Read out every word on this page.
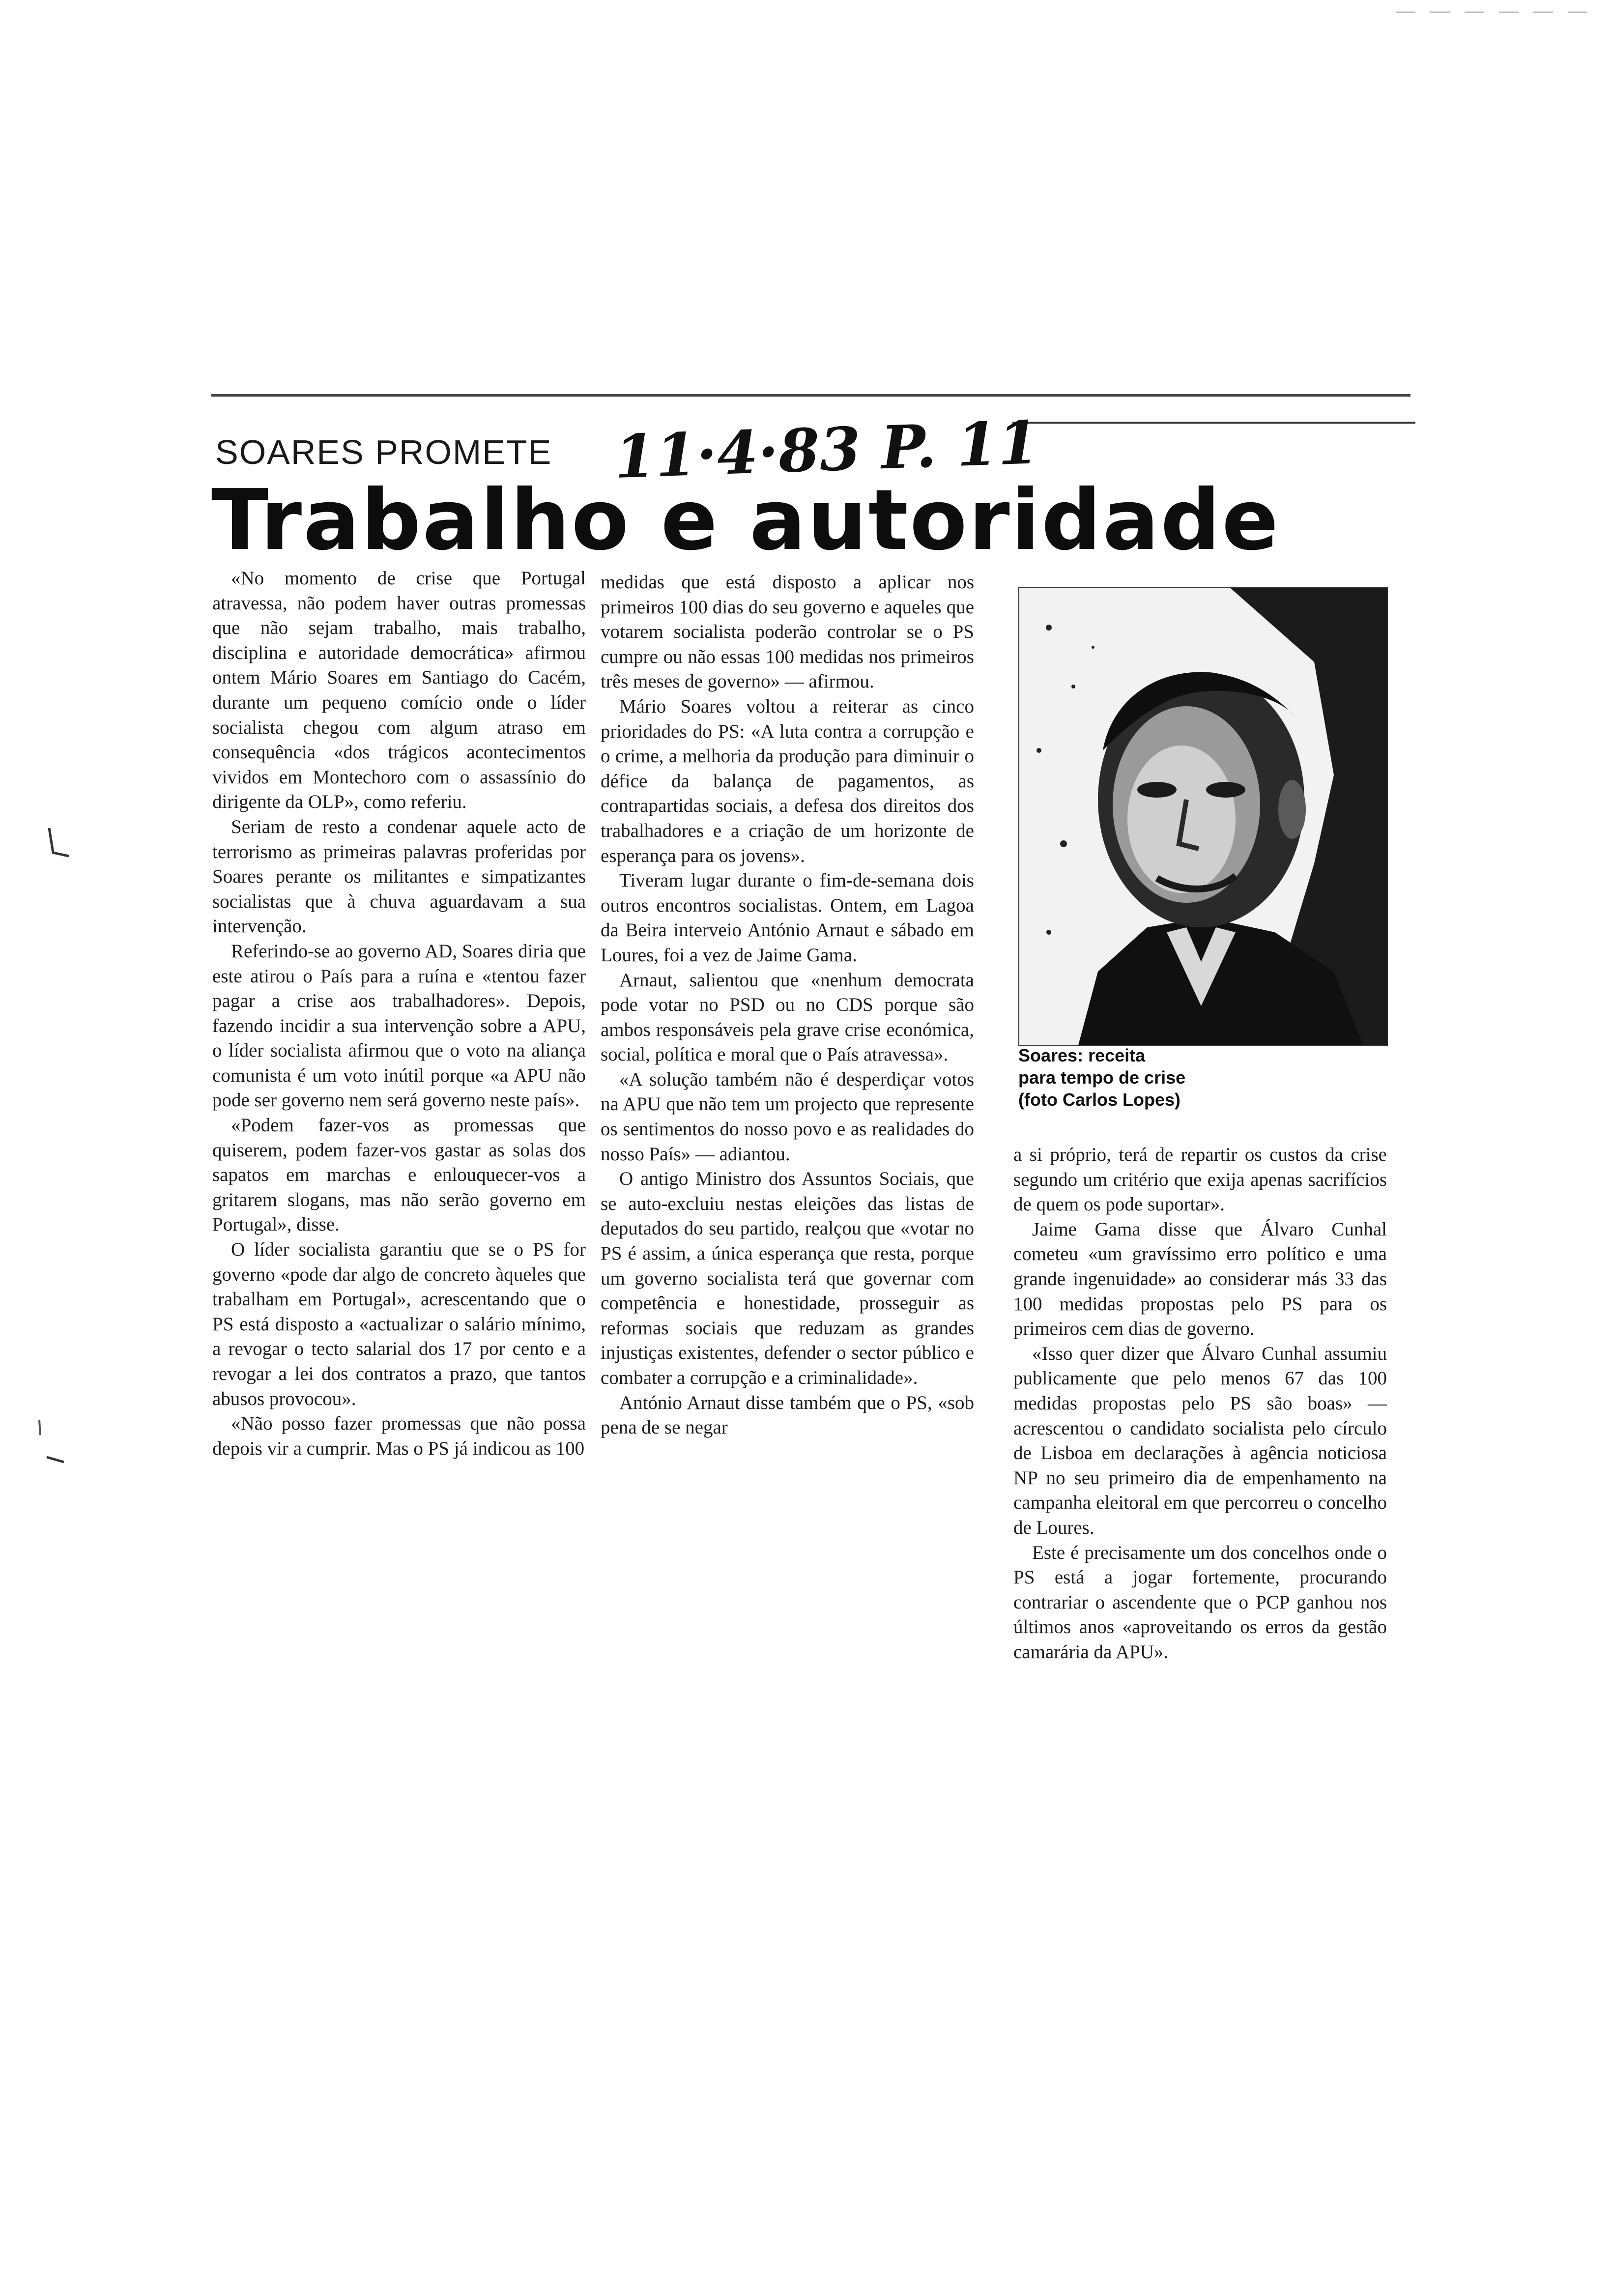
SOARES PROMETE 11·4·83 P. 11
Trabalho e autoridade

«No momento de crise que Portugal atravessa, não podem haver outras promessas que não sejam trabalho, mais trabalho, disciplina e autoridade democrática» afirmou ontem Mário Soares em Santiago do Cacém, durante um pequeno comício onde o líder socialista chegou com algum atraso em consequência «dos trágicos acontecimentos vividos em Montechoro com o assassínio do dirigente da OLP», como referiu.

Seriam de resto a condenar aquele acto de terrorismo as primeiras palavras proferidas por Soares perante os militantes e simpatizantes socialistas que à chuva aguardavam a sua intervenção.

Referindo-se ao governo AD, Soares diria que este atirou o País para a ruína e «tentou fazer pagar a crise aos trabalhadores». Depois, fazendo incidir a sua intervenção sobre a APU, o líder socialista afirmou que o voto na aliança comunista é um voto inútil porque «a APU não pode ser governo nem será governo neste país».

«Podem fazer-vos as promessas que quiserem, podem fazer-vos gastar as solas dos sapatos em marchas e enlouquecer-vos a gritarem slogans, mas não serão governo em Portugal», disse.

O líder socialista garantiu que se o PS for governo «pode dar algo de concreto àqueles que trabalham em Portugal», acrescentando que o PS está disposto a «actualizar o salário mínimo, a revogar o tecto salarial dos 17 por cento e a revogar a lei dos contratos a prazo, que tantos abusos provocou».

«Não posso fazer promessas que não possa depois vir a cumprir. Mas o PS já indicou as 100

medidas que está disposto a aplicar nos primeiros 100 dias do seu governo e aqueles que votarem socialista poderão controlar se o PS cumpre ou não essas 100 medidas nos primeiros três meses de governo» — afirmou.

Mário Soares voltou a reiterar as cinco prioridades do PS: «A luta contra a corrupção e o crime, a melhoria da produção para diminuir o défice da balança de pagamentos, as contrapartidas sociais, a defesa dos direitos dos trabalhadores e a criação de um horizonte de esperança para os jovens».

Tiveram lugar durante o fim-de-semana dois outros encontros socialistas. Ontem, em Lagoa da Beira interveio António Arnaut e sábado em Loures, foi a vez de Jaime Gama.

Arnaut, salientou que «nenhum democrata pode votar no PSD ou no CDS porque são ambos responsáveis pela grave crise económica, social, política e moral que o País atravessa».

«A solução também não é desperdiçar votos na APU que não tem um projecto que represente os sentimentos do nosso povo e as realidades do nosso País» — adiantou.

O antigo Ministro dos Assuntos Sociais, que se auto-excluiu nestas eleições das listas de deputados do seu partido, realçou que «votar no PS é assim, a única esperança que resta, porque um governo socialista terá que governar com competência e honestidade, prosseguir as reformas sociais que reduzam as grandes injustiças existentes, defender o sector público e combater a corrupção e a criminalidade».

António Arnaut disse também que o PS, «sob pena de se negar

Soares: receita
para tempo de crise
(foto Carlos Lopes)

a si próprio, terá de repartir os custos da crise segundo um critério que exija apenas sacrifícios de quem os pode suportar».

Jaime Gama disse que Álvaro Cunhal cometeu «um gravíssimo erro político e uma grande ingenuidade» ao considerar más 33 das 100 medidas propostas pelo PS para os primeiros cem dias de governo.

«Isso quer dizer que Álvaro Cunhal assumiu publicamente que pelo menos 67 das 100 medidas propostas pelo PS são boas» — acrescentou o candidato socialista pelo círculo de Lisboa em declarações à agência noticiosa NP no seu primeiro dia de empenhamento na campanha eleitoral em que percorreu o concelho de Loures.

Este é precisamente um dos concelhos onde o PS está a jogar fortemente, procurando contrariar o ascendente que o PCP ganhou nos últimos anos «aproveitando os erros da gestão camarária da APU».
